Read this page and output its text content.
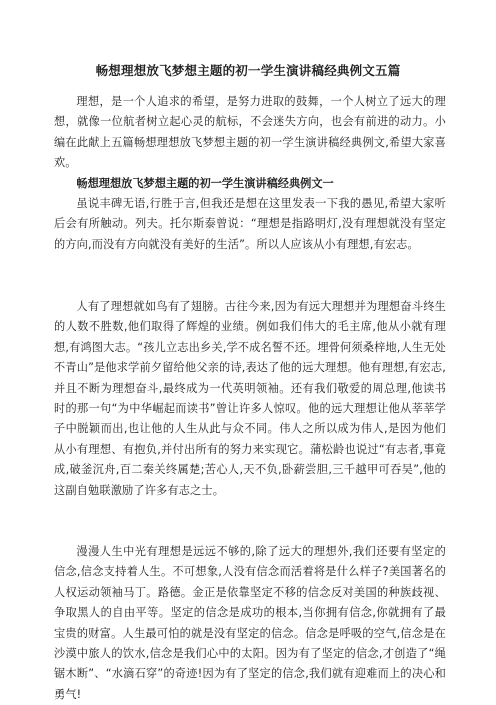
畅想理想放飞梦想主题的初一学生演讲稿经典例文五篇

理想，是一个人追求的希望，是努力进取的鼓舞，一个人树立了远大的理想，就像一位航者树立起心灵的航标，不会迷失方向，也会有前进的动力。小编在此献上五篇畅想理想放飞梦想主题的初一学生演讲稿经典例文,希望大家喜欢。

畅想理想放飞梦想主题的初一学生演讲稿经典例文一

虽说丰碑无语,行胜于言,但我还是想在这里发表一下我的愚见,希望大家听后会有所触动。列夫。托尔斯泰曾说：“理想是指路明灯,没有理想就没有坚定的方向,而没有方向就没有美好的生活”。所以人应该从小有理想,有宏志。

人有了理想就如鸟有了翅膀。古往今来,因为有远大理想并为理想奋斗终生的人数不胜数,他们取得了辉煌的业绩。例如我们伟大的毛主席,他从小就有理想,有鸿图大志。“孩儿立志出乡关,学不成名誓不还。埋骨何须桑梓地,人生无处不青山”是他求学前夕留给他父亲的诗,表达了他的远大理想。他有理想,有宏志,并且不断为理想奋斗,最终成为一代英明领袖。还有我们敬爱的周总理,他读书时的那一句“为中华崛起而读书”曾让许多人惊叹。他的远大理想让他从莘莘学子中脱颖而出,也让他的人生从此与众不同。伟人之所以成为伟人,是因为他们从小有理想、有抱负,并付出所有的努力来实现它。蒲松龄也说过“有志者,事竟成,破釜沉舟,百二秦关终属楚;苦心人,天不负,卧薪尝胆,三千越甲可吞吴”,他的这副自勉联激励了许多有志之士。

漫漫人生中光有理想是远远不够的,除了远大的理想外,我们还要有坚定的信念,信念支持着人生。不可想象,人没有信念而活着将是什么样子?美国著名的人权运动领袖马丁。路德。金正是依靠坚定不移的信念反对美国的种族歧视、争取黑人的自由平等。坚定的信念是成功的根本,当你拥有信念,你就拥有了最宝贵的财富。人生最可怕的就是没有坚定的信念。信念是呼吸的空气,信念是在沙漠中旅人的饮水,信念是我们心中的太阳。因为有了坚定的信念,才创造了“绳锯木断”、“水滴石穿”的奇迹!因为有了坚定的信念,我们就有迎难而上的决心和勇气!
